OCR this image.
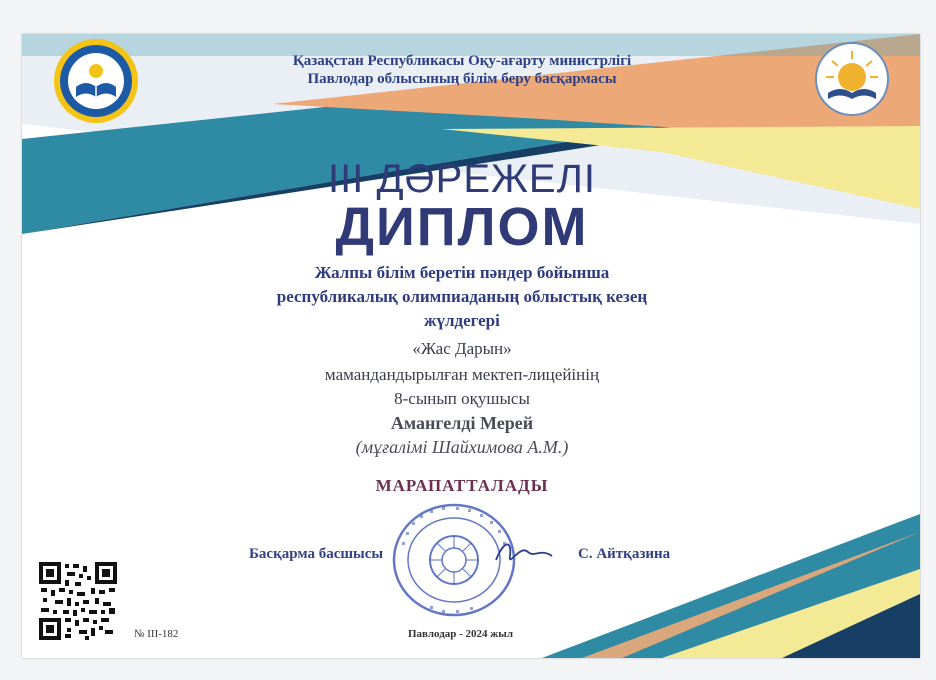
Қазақстан Республикасы Оқу-ағарту министрлігі
Павлодар облысының білім беру басқармасы
III ДӘРЕЖЕЛІ
ДИПЛОМ
Жалпы білім беретін пәндер бойынша
республикалық олимпиаданың облыстық кезең
жүлдегері
«Жас Дарын»
мамандандырылған мектеп-лицейінің
8-сынып оқушысы
Амангелді Мерей
(мұғалімі Шайхимова А.М.)
МАРАПАТТАЛАДЫ
Басқарма басшысы	С. Айтқазина
№ III-182	Павлодар - 2024 жыл
